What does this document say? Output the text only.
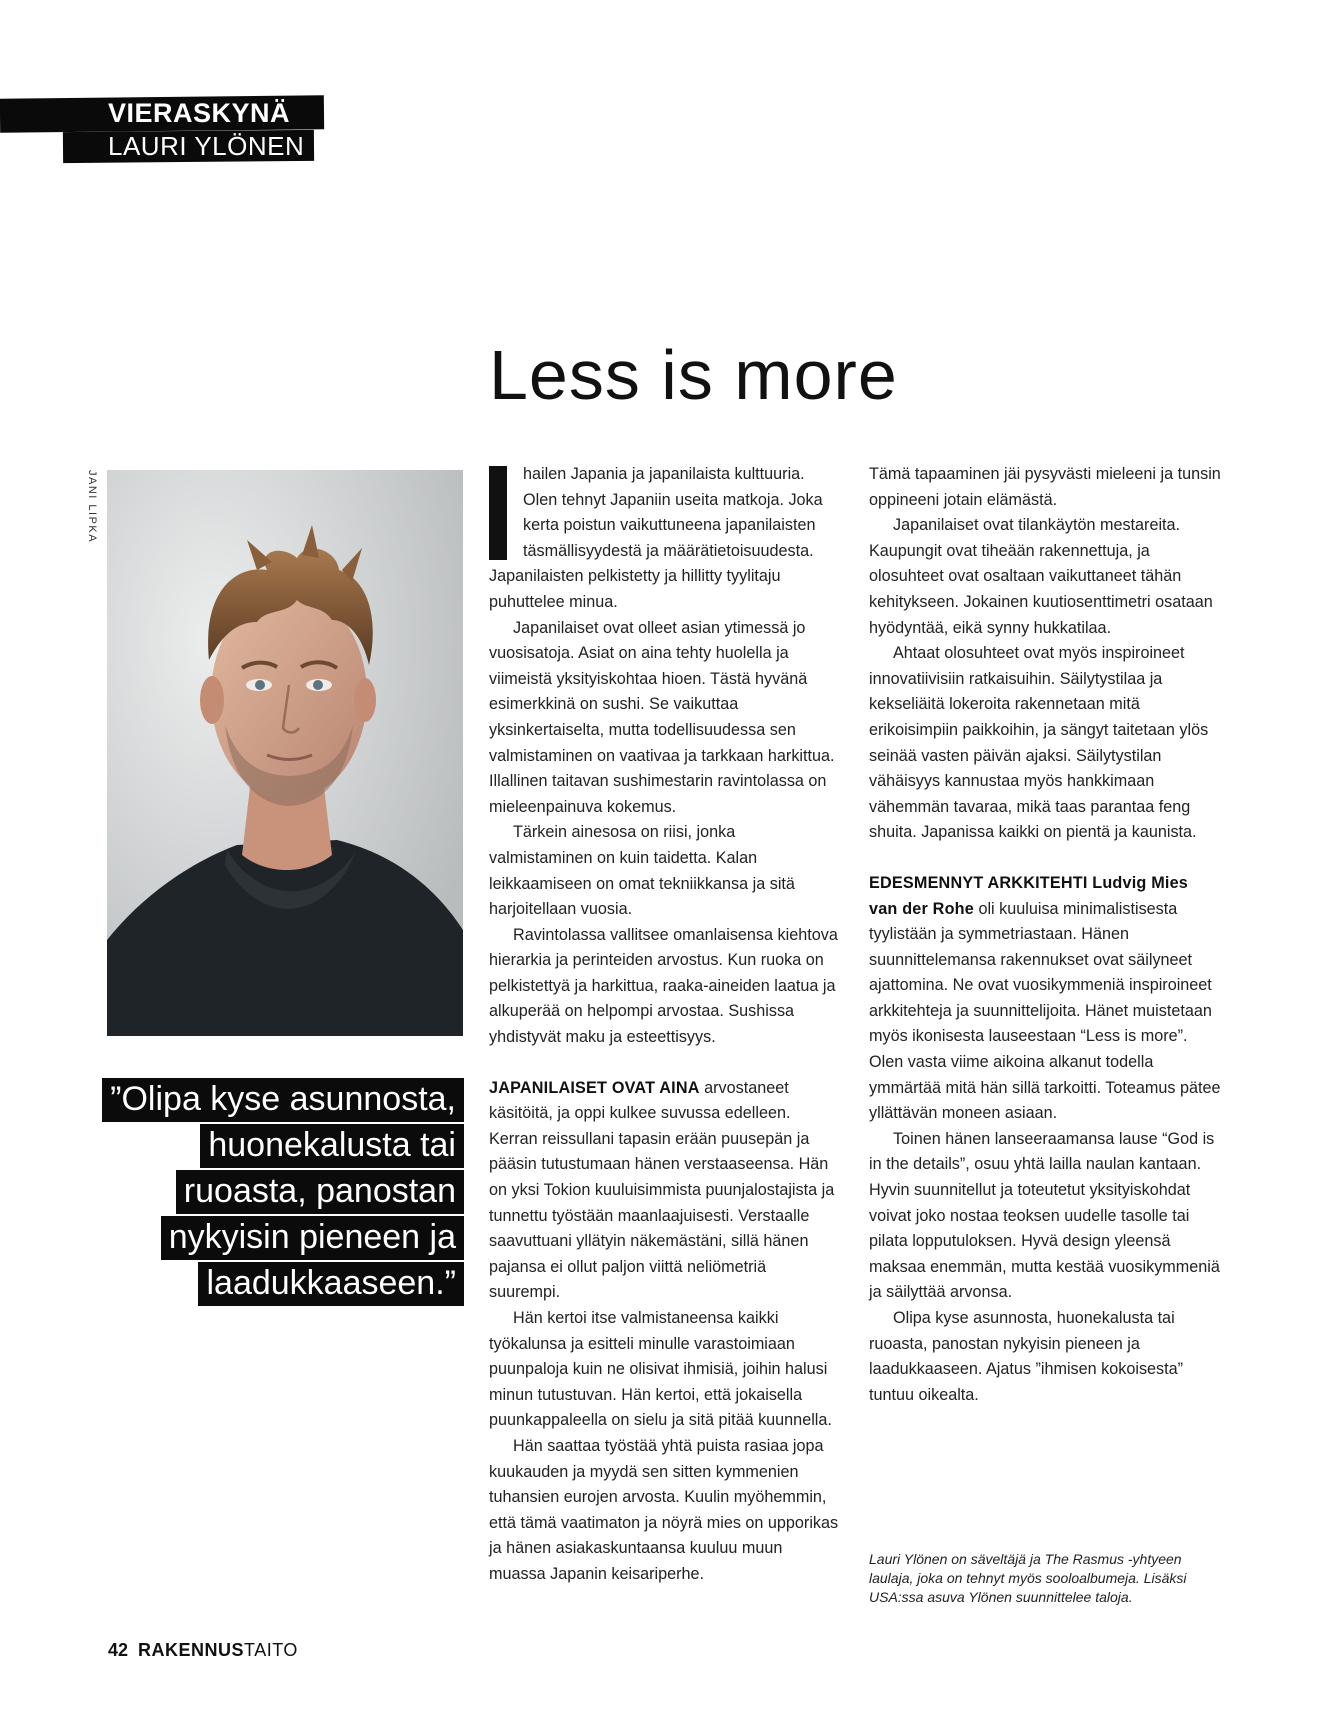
VIERASKYNÄ
LAURI YLÖNEN
Less is more
JANI LIPKA
”Olipa kyse asunnosta,
huonekalusta tai
ruoasta, panostan
nykyisin pieneen ja
laadukkaaseen.”

hailen Japania ja japanilaista kulttuuria. Olen tehnyt Japaniin useita matkoja. Joka kerta poistun vaikuttuneena japanilaisten täsmällisyydestä ja määrätietoisuudesta. Japanilaisten pelkistetty ja hillitty tyylitaju puhuttelee minua.

Japanilaiset ovat olleet asian ytimessä jo vuosisatoja. Asiat on aina tehty huolella ja viimeistä yksityiskohtaa hioen. Tästä hyvänä esimerkkinä on sushi. Se vaikuttaa yksinkertaiselta, mutta todellisuudessa sen valmistaminen on vaativaa ja tarkkaan harkittua. Illallinen taitavan sushimestarin ravintolassa on mieleenpainuva kokemus.

Tärkein ainesosa on riisi, jonka valmistaminen on kuin taidetta. Kalan leikkaamiseen on omat tekniikkansa ja sitä harjoitellaan vuosia.

Ravintolassa vallitsee omanlaisensa kiehtova hierarkia ja perinteiden arvostus. Kun ruoka on pelkistettyä ja harkittua, raaka-aineiden laatua ja alkuperää on helpompi arvostaa. Sushissa yhdistyvät maku ja esteettisyys.

JAPANILAISET OVAT AINA arvostaneet käsitöitä, ja oppi kulkee suvussa edelleen. Kerran reissullani tapasin erään puusepän ja pääsin tutustumaan hänen verstaaseensa. Hän on yksi Tokion kuuluisimmista puunjalostajista ja tunnettu työstään maanlaajuisesti. Verstaalle saavuttuani yllätyin näkemästäni, sillä hänen pajansa ei ollut paljon viittä neliömetriä suurempi.

Hän kertoi itse valmistaneensa kaikki työkalunsa ja esitteli minulle varastoimiaan puunpaloja kuin ne olisivat ihmisiä, joihin halusi minun tutustuvan. Hän kertoi, että jokaisella puunkappaleella on sielu ja sitä pitää kuunnella.

Hän saattaa työstää yhtä puista rasiaa jopa kuukauden ja myydä sen sitten kymmenien tuhansien eurojen arvosta. Kuulin myöhemmin, että tämä vaatimaton ja nöyrä mies on upporikas ja hänen asiakaskuntaansa kuuluu muun muassa Japanin keisariperhe.

Tämä tapaaminen jäi pysyvästi mieleeni ja tunsin oppineeni jotain elämästä.

Japanilaiset ovat tilankäytön mestareita. Kaupungit ovat tiheään rakennettuja, ja olosuhteet ovat osaltaan vaikuttaneet tähän kehitykseen. Jokainen kuutiosenttimetri osataan hyödyntää, eikä synny hukkatilaa.

Ahtaat olosuhteet ovat myös inspiroineet innovatiivisiin ratkaisuihin. Säilytystilaa ja kekseliäitä lokeroita rakennetaan mitä erikoisimpiin paikkoihin, ja sängyt taitetaan ylös seinää vasten päivän ajaksi. Säilytystilan vähäisyys kannustaa myös hankkimaan vähemmän tavaraa, mikä taas parantaa feng shuita. Japanissa kaikki on pientä ja kaunista.

EDESMENNYT ARKKITEHTI Ludvig Mies van der Rohe oli kuuluisa minimalistisesta tyylistään ja symmetriastaan. Hänen suunnittelemansa rakennukset ovat säilyneet ajattomina. Ne ovat vuosikymmeniä inspiroineet arkkitehteja ja suunnittelijoita. Hänet muistetaan myös ikonisesta lauseestaan “Less is more”. Olen vasta viime aikoina alkanut todella ymmärtää mitä hän sillä tarkoitti. Toteamus pätee yllättävän moneen asiaan.

Toinen hänen lanseeraamansa lause “God is in the details”, osuu yhtä lailla naulan kantaan. Hyvin suunnitellut ja toteutetut yksityiskohdat voivat joko nostaa teoksen uudelle tasolle tai pilata lopputuloksen. Hyvä design yleensä maksaa enemmän, mutta kestää vuosikymmeniä ja säilyttää arvonsa.

Olipa kyse asunnosta, huonekalusta tai ruoasta, panostan nykyisin pieneen ja laadukkaaseen. Ajatus ”ihmisen kokoisesta” tuntuu oikealta.

Lauri Ylönen on säveltäjä ja The Rasmus -yhtyeen laulaja, joka on tehnyt myös sooloalbumeja. Lisäksi USA:ssa asuva Ylönen suunnittelee taloja.
42 RAKENNUSTAITO
